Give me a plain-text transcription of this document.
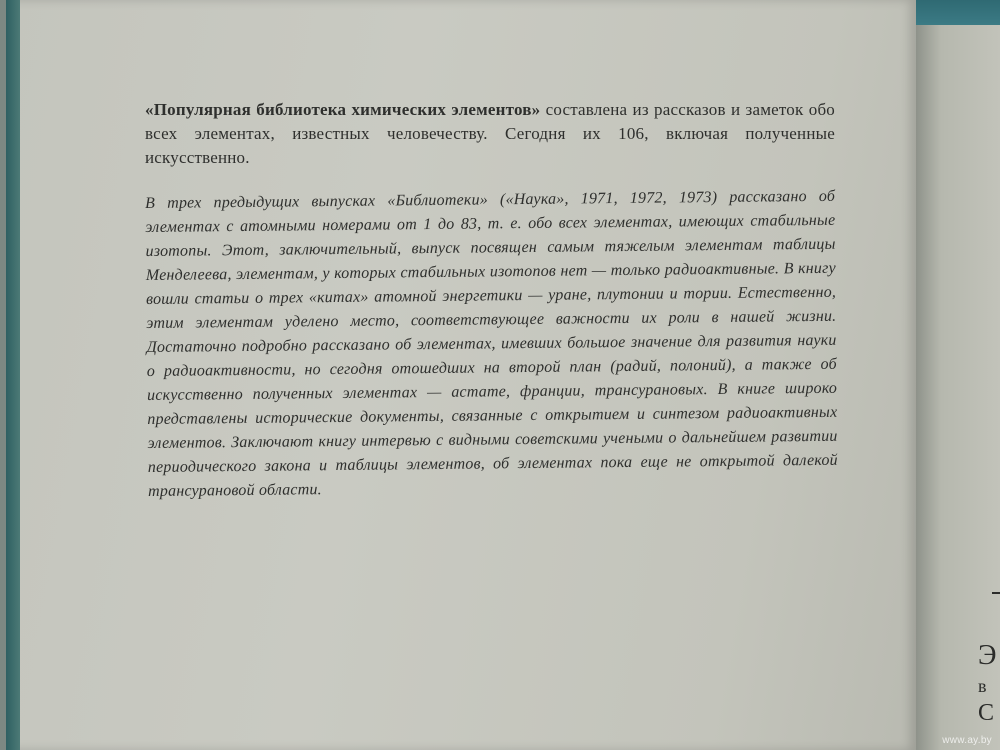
Э
в
С

«Популярная библиотека химических элементов» составлена из рассказов и заметок обо всех элементах, известных человечеству. Сегодня их 106, включая полученные искусственно.

В трех предыдущих выпусках «Библиотеки» («Наука», 1971, 1972, 1973) рассказано об элементах с атомными номерами от 1 до 83, т. е. обо всех элементах, имеющих стабильные изотопы. Этот, заключительный, выпуск посвящен самым тяжелым элементам таблицы Менделеева, элементам, у которых стабильных изотопов нет — только радиоактивные. В книгу вошли статьи о трех «китах» атомной энергетики — уране, плутонии и тории. Естественно, этим элементам уделено место, соответствующее важности их роли в нашей жизни. Достаточно подробно рассказано об элементах, имевших большое значение для развития науки о радиоактивности, но сегодня отошедших на второй план (радий, полоний), а также об искусственно полученных элементах — астате, франции, трансурановых. В книге широко представлены исторические документы, связанные с открытием и синтезом радиоактивных элементов. Заключают книгу интервью с видными советскими учеными о дальнейшем развитии периодического закона и таблицы элементов, об элементах пока еще не открытой далекой трансурановой области.

www.ay.by
